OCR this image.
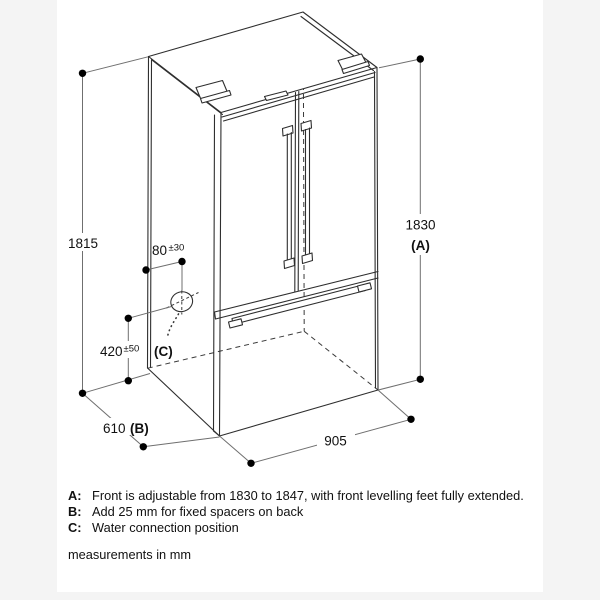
1815
1830
(A)
80 ±30
420 ±50 (C)
610 (B)
905
A: Front is adjustable from 1830 to 1847, with front levelling feet fully extended.
B: Add 25 mm for fixed spacers on back
C: Water connection position
measurements in mm
